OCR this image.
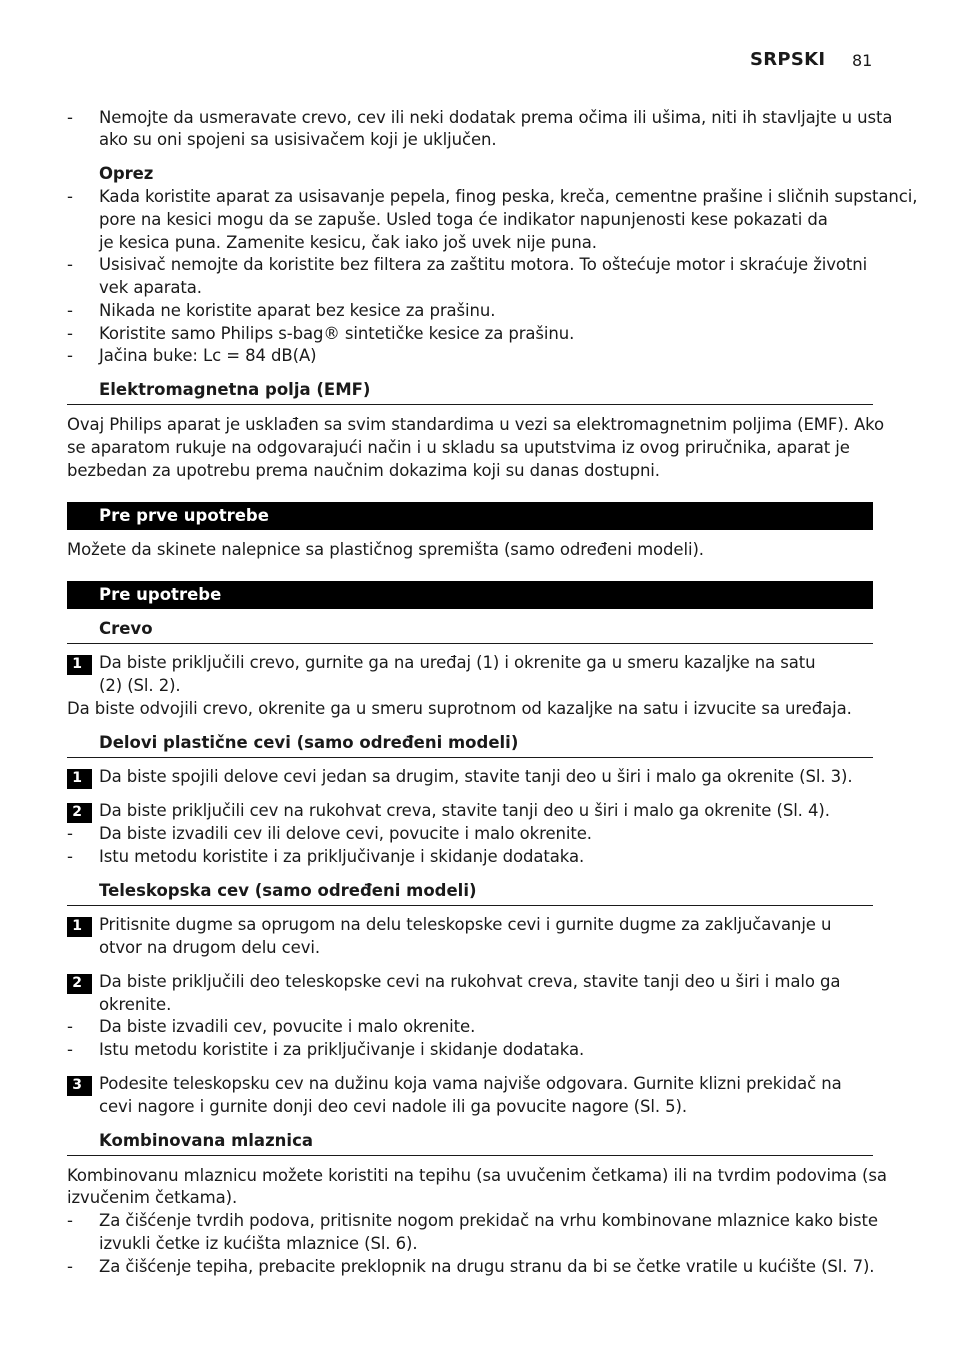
SRPSKI 81
- Nemojte da usmeravate crevo, cev ili neki dodatak prema očima ili ušima, niti ih stavljajte u usta
ako su oni spojeni sa usisivačem koji je uključen.
Oprez
- Kada koristite aparat za usisavanje pepela, finog peska, kreča, cementne prašine i sličnih supstanci,
pore na kesici mogu da se zapuše. Usled toga će indikator napunjenosti kese pokazati da
je kesica puna. Zamenite kesicu, čak iako još uvek nije puna.
- Usisivač nemojte da koristite bez filtera za zaštitu motora. To oštećuje motor i skraćuje životni
vek aparata.
- Nikada ne koristite aparat bez kesice za prašinu.
- Koristite samo Philips s-bag® sintetičke kesice za prašinu.
- Jačina buke: Lc = 84 dB(A)
Elektromagnetna polja (EMF)
Ovaj Philips aparat je usklađen sa svim standardima u vezi sa elektromagnetnim poljima (EMF). Ako
se aparatom rukuje na odgovarajući način i u skladu sa uputstvima iz ovog priručnika, aparat je
bezbedan za upotrebu prema naučnim dokazima koji su danas dostupni.
Pre prve upotrebe
Možete da skinete nalepnice sa plastičnog spremišta (samo određeni modeli).
Pre upotrebe
Crevo
1 Da biste priključili crevo, gurnite ga na uređaj (1) i okrenite ga u smeru kazaljke na satu
(2) (Sl. 2).
Da biste odvojili crevo, okrenite ga u smeru suprotnom od kazaljke na satu i izvucite sa uređaja.
Delovi plastične cevi (samo određeni modeli)
1 Da biste spojili delove cevi jedan sa drugim, stavite tanji deo u širi i malo ga okrenite (Sl. 3).
2 Da biste priključili cev na rukohvat creva, stavite tanji deo u širi i malo ga okrenite (Sl. 4).
- Da biste izvadili cev ili delove cevi, povucite i malo okrenite.
- Istu metodu koristite i za priključivanje i skidanje dodataka.
Teleskopska cev (samo određeni modeli)
1 Pritisnite dugme sa oprugom na delu teleskopske cevi i gurnite dugme za zaključavanje u
otvor na drugom delu cevi.
2 Da biste priključili deo teleskopske cevi na rukohvat creva, stavite tanji deo u širi i malo ga
okrenite.
- Da biste izvadili cev, povucite i malo okrenite.
- Istu metodu koristite i za priključivanje i skidanje dodataka.
3 Podesite teleskopsku cev na dužinu koja vama najviše odgovara. Gurnite klizni prekidač na
cevi nagore i gurnite donji deo cevi nadole ili ga povucite nagore (Sl. 5).
Kombinovana mlaznica
Kombinovanu mlaznicu možete koristiti na tepihu (sa uvučenim četkama) ili na tvrdim podovima (sa
izvučenim četkama).
- Za čišćenje tvrdih podova, pritisnite nogom prekidač na vrhu kombinovane mlaznice kako biste
izvukli četke iz kućišta mlaznice (Sl. 6).
- Za čišćenje tepiha, prebacite preklopnik na drugu stranu da bi se četke vratile u kućište (Sl. 7).
